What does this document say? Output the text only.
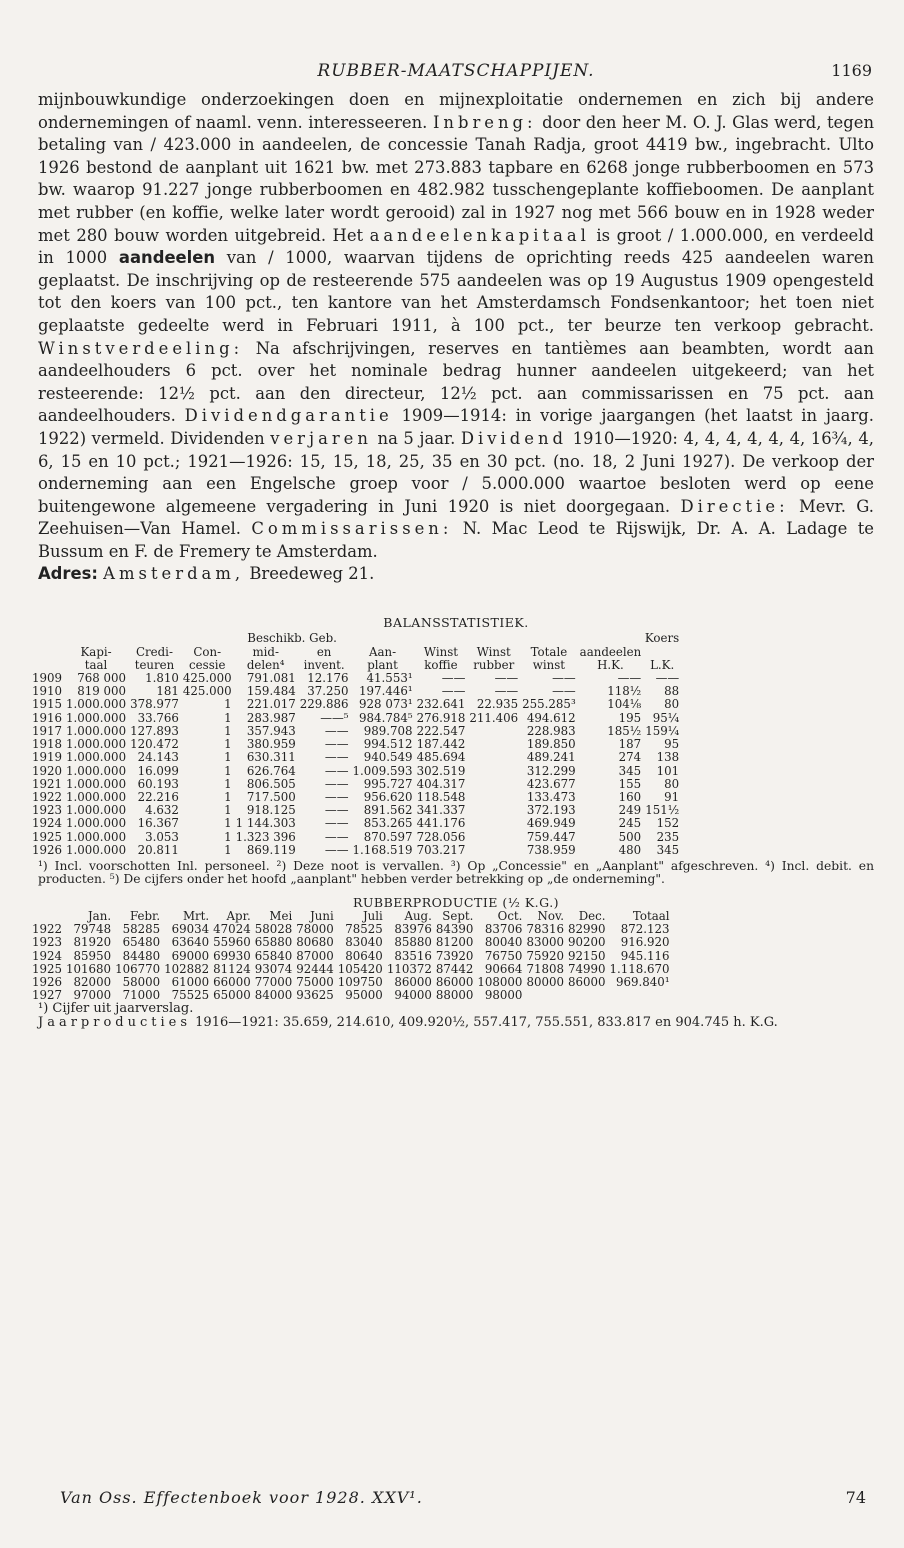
RUBBER-MAATSCHAPPIJEN.	1169
mijnbouwkundige onderzoekingen doen en mijnexploitatie ondernemen en zich bij andere ondernemingen of naaml. venn. interesseeren. Inbreng: door den heer M. O. J. Glas werd, tegen betaling van / 423.000 in aandeelen, de concessie Tanah Radja, groot 4419 bw., ingebracht. Ulto 1926 bestond de aanplant uit 1621 bw. met 273.883 tapbare en 6268 jonge rubberboomen en 573 bw. waarop 91.227 jonge rubberboomen en 482.982 tusschengeplante koffieboomen. De aanplant met rubber (en koffie, welke later wordt gerooid) zal in 1927 nog met 566 bouw en in 1928 weder met 280 bouw worden uitgebreid. Het aandeelenkapitaal is groot / 1.000.000, en verdeeld in 1000 aandeelen van / 1000, waarvan tijdens de oprichting reeds 425 aandeelen waren geplaatst. De inschrijving op de resteerende 575 aandeelen was op 19 Augustus 1909 opengesteld tot den koers van 100 pct., ten kantore van het Amsterdamsch Fondsenkantoor; het toen niet geplaatste gedeelte werd in Februari 1911, à 100 pct., ter beurze ten verkoop gebracht. Winstverdeeling: Na afschrijvingen, reserves en tantièmes aan beambten, wordt aan aandeelhouders 6 pct. over het nominale bedrag hunner aandeelen uitgekeerd; van het resteerende: 12½ pct. aan den directeur, 12½ pct. aan commissarissen en 75 pct. aan aandeelhouders. Dividendgarantie 1909—1914: in vorige jaargangen (het laatst in jaarg. 1922) vermeld. Dividenden verjaren na 5 jaar. Dividend 1910—1920: 4, 4, 4, 4, 4, 4, 16¾, 4, 6, 15 en 10 pct.; 1921—1926: 15, 15, 18, 25, 35 en 30 pct. (no. 18, 2 Juni 1927). De verkoop der onderneming aan een Engelsche groep voor / 5.000.000 waartoe besloten werd op eene buitengewone algemeene vergadering in Juni 1920 is niet doorgegaan. Directie: Mevr. G. Zeehuisen—Van Hamel. Commissarissen: N. Mac Leod te Rijswijk, Dr. A. A. Ladage te Bussum en F. de Fremery te Amsterdam.
Adres: Amsterdam, Breedeweg 21.
BALANSSTATISTIEK.
				Beschikb. Geb.						Koers	
	Kapi-	Credi-	Con-	mid-	en	Aan-	Winst	Winst	Totale	aandeelen	
	taal	teuren	cessie	delen⁴	invent.	plant	koffie	rubber	winst	H.K.	L.K.
1909	768 000	1.810	425.000	791.081	12.176	41.553¹	——	——	——	——	——
1910	819 000	181	425.000	159.484	37.250	197.446¹	——	——	——	118½	88
1915	1.000.000	378.977	1	221.017	229.886	928 073¹	232.641	22.935	255.285³	104⅛	80
1916	1.000.000	33.766	1	283.987	——⁵	984.784⁵	276.918	211.406	494.612	195	95¼
1917	1.000.000	127.893	1	357.943	——	989.708	222.547		228.983	185½	159¼
1918	1.000.000	120.472	1	380.959	——	994.512	187.442		189.850	187	95
1919	1.000.000	24.143	1	630.311	——	940.549	485.694		489.241	274	138
1920	1.000.000	16.099	1	626.764	——	1.009.593	302.519		312.299	345	101
1921	1.000.000	60.193	1	806.505	——	995.727	404.317		423.677	155	80
1922	1.000.000	22.216	1	717.500	——	956.620	118.548		133.473	160	91
1923	1.000.000	4.632	1	918.125	——	891.562	341.337		372.193	249	151½
1924	1.000.000	16.367	1	1 144.303	——	853.265	441.176		469.949	245	152
1925	1.000.000	3.053	1	1.323 396	——	870.597	728.056		759.447	500	235
1926	1.000.000	20.811	1	869.119	——	1.168.519	703.217		738.959	480	345
¹) Incl. voorschotten Inl. personeel. ²) Deze noot is vervallen. ³) Op „Concessie" en „Aanplant" afgeschreven. ⁴) Incl. debit. en producten. ⁵) De cijfers onder het hoofd „aanplant" hebben verder betrekking op „de onderneming".
RUBBERPRODUCTIE (½ K.G.)
	Jan.	Febr.	Mrt.	Apr.	Mei	Juni	Juli	Aug.	Sept.	Oct.	Nov.	Dec.	Totaal
1922	79748	58285	69034	47024	58028	78000	78525	83976	84390	83706	78316	82990	872.123
1923	81920	65480	63640	55960	65880	80680	83040	85880	81200	80040	83000	90200	916.920
1924	85950	84480	69000	69930	65840	87000	80640	83516	73920	76750	75920	92150	945.116
1925	101680	106770	102882	81124	93074	92444	105420	110372	87442	90664	71808	74990	1.118.670
1926	82000	58000	61000	66000	77000	75000	109750	86000	86000	108000	80000	86000	969.840¹
1927	97000	71000	75525	65000	84000	93625	95000	94000	88000	98000			
¹) Cijfer uit jaarverslag.
Jaarproducties 1916—1921: 35.659, 214.610, 409.920½, 557.417, 755.551, 833.817 en 904.745 h. K.G.
Van Oss. Effectenboek voor 1928. XXV¹.	74
